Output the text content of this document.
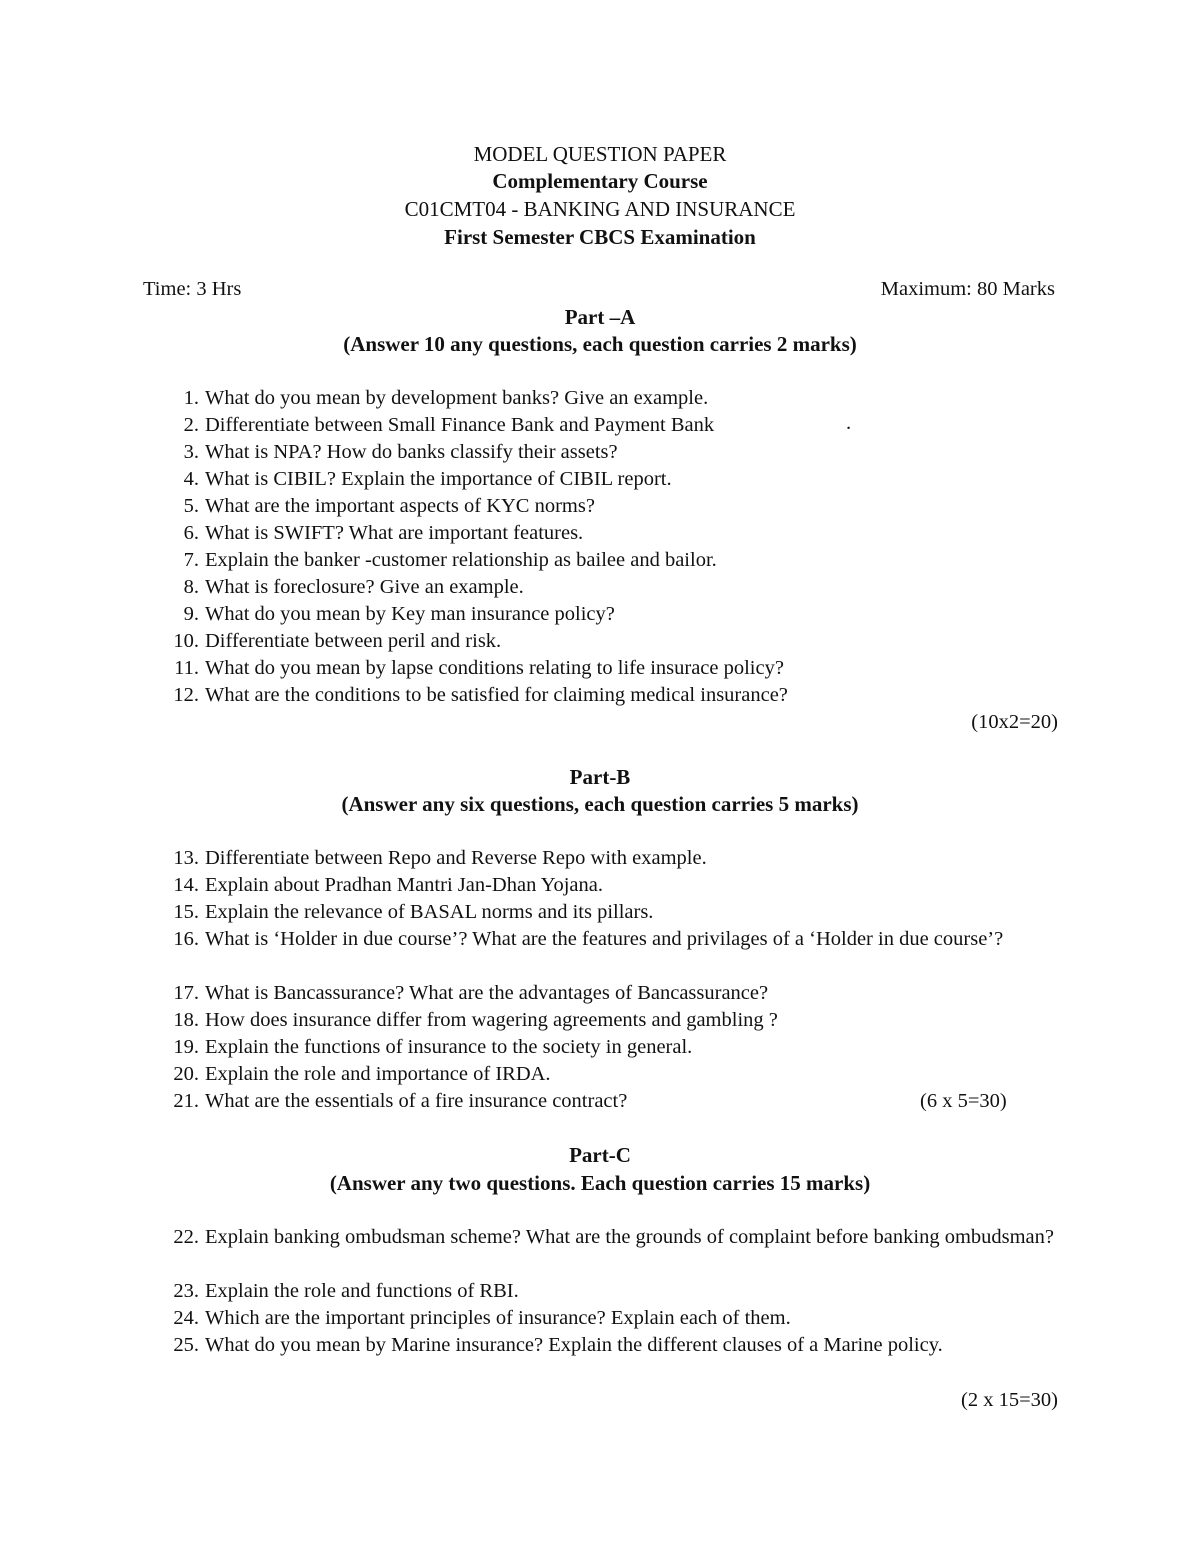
MODEL QUESTION PAPER
Complementary Course
C01CMT04 - BANKING AND INSURANCE
First Semester CBCS Examination
Time: 3 Hrs	Maximum: 80 Marks
Part –A
(Answer 10 any questions, each question carries 2 marks)
1. What do you mean by development banks? Give an example.
2. Differentiate between Small Finance Bank and Payment Bank
3. What is NPA? How do banks classify their assets?
4. What is CIBIL? Explain the importance of CIBIL report.
5. What are the important aspects of KYC norms?
6. What is SWIFT? What are important features.
7. Explain the banker -customer relationship as bailee and bailor.
8. What is foreclosure? Give an example.
9. What do you mean by Key man insurance policy?
10. Differentiate between peril and risk.
11. What do you mean by lapse conditions relating to life insurace policy?
12. What are the conditions to be satisfied for claiming medical insurance?
.
(10x2=20)
Part-B
(Answer any six questions, each question carries 5 marks)
13. Differentiate between Repo and Reverse Repo with example.
14. Explain about Pradhan Mantri Jan-Dhan Yojana.
15. Explain the relevance of BASAL norms and its pillars.
16. What is ‘Holder in due course’? What are the features and privilages of a ‘Holder in due course’?
17. What is Bancassurance? What are the advantages of Bancassurance?
18. How does insurance differ from wagering agreements and gambling ?
19. Explain the functions of insurance to the society in general.
20. Explain the role and importance of IRDA.
21. What are the essentials of a fire insurance contract?	(6 x 5=30)
Part-C
(Answer any two questions. Each question carries 15 marks)
22. Explain banking ombudsman scheme? What are the grounds of complaint before banking ombudsman?
23. Explain the role and functions of RBI.
24. Which are the important principles of insurance? Explain each of them.
25. What do you mean by Marine insurance? Explain the different clauses of a Marine policy.
(2 x 15=30)
